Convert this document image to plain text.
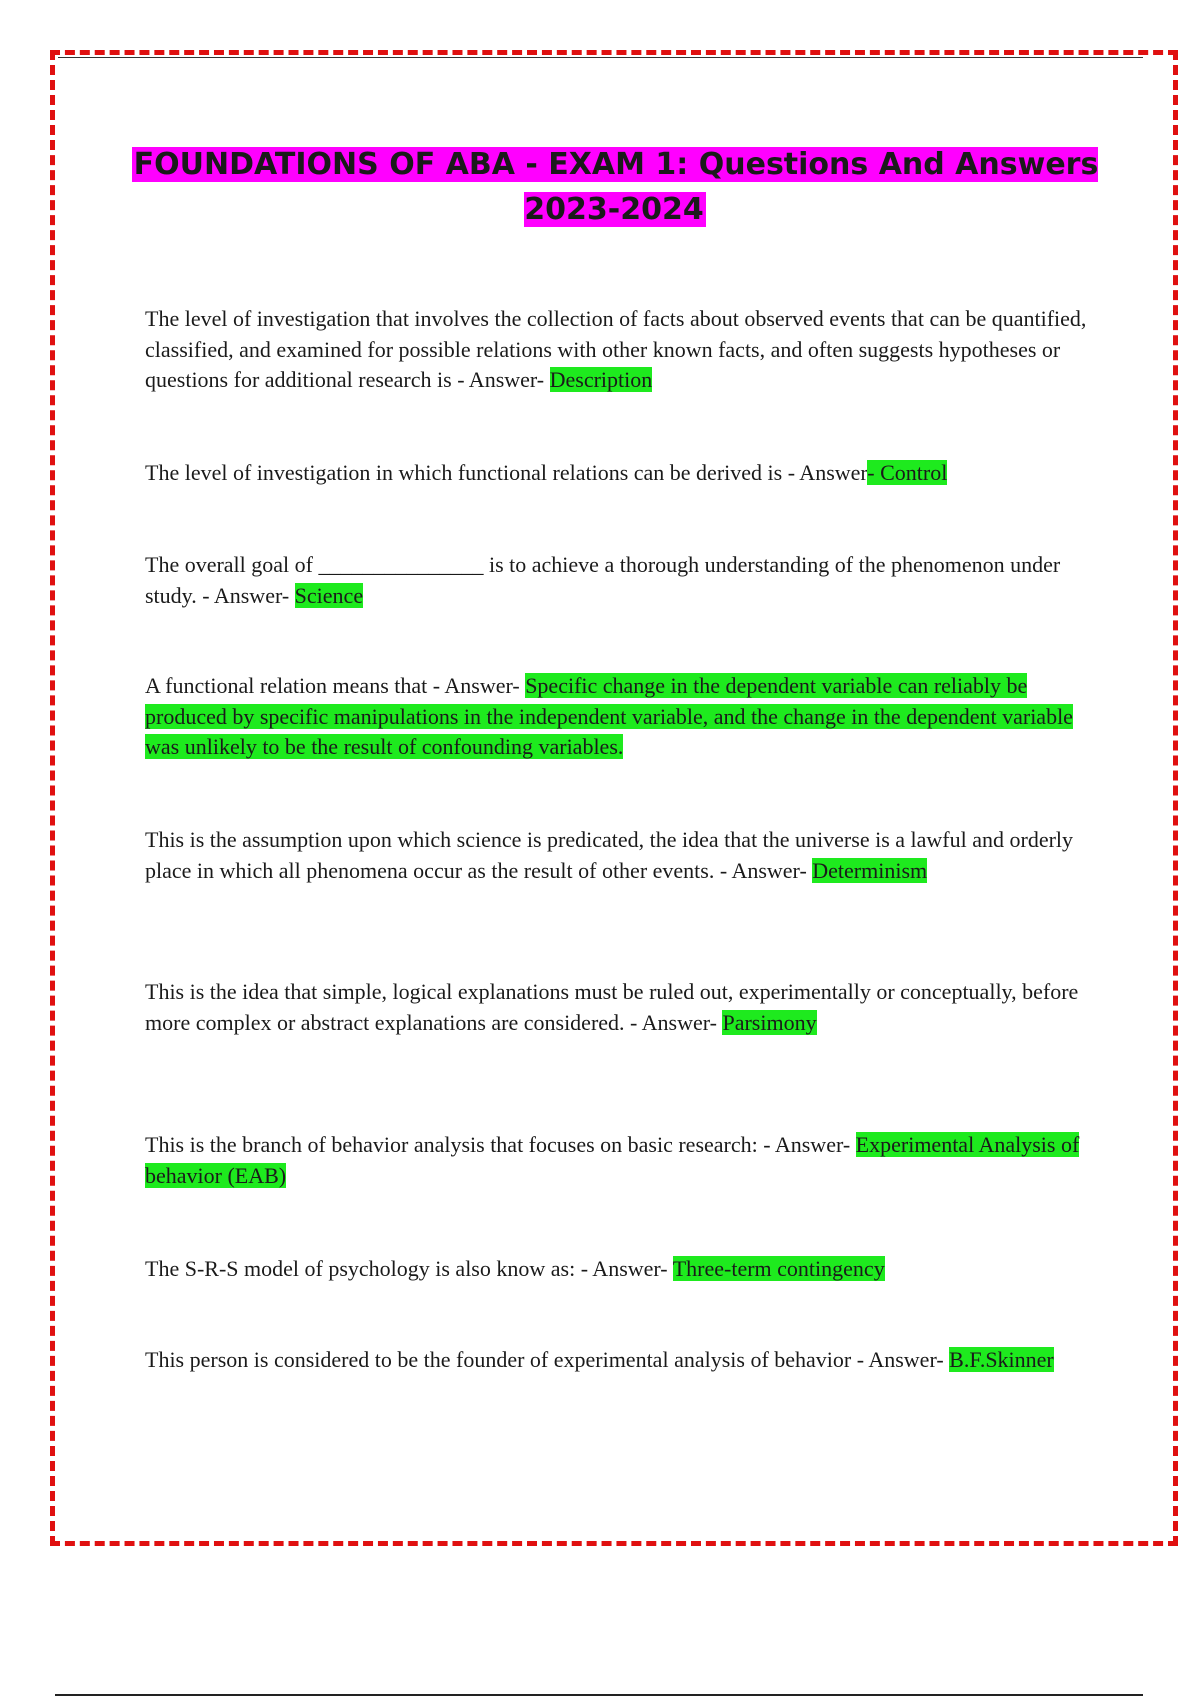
FOUNDATIONS OF ABA - EXAM 1: Questions And Answers 2023-2024
The level of investigation that involves the collection of facts about observed events that can be quantified, classified, and examined for possible relations with other known facts, and often suggests hypotheses or questions for additional research is - Answer- Description
The level of investigation in which functional relations can be derived is - Answer- Control
The overall goal of _______________ is to achieve a thorough understanding of the phenomenon under study. - Answer- Science
A functional relation means that - Answer- Specific change in the dependent variable can reliably be produced by specific manipulations in the independent variable, and the change in the dependent variable was unlikely to be the result of confounding variables.
This is the assumption upon which science is predicated, the idea that the universe is a lawful and orderly place in which all phenomena occur as the result of other events. - Answer- Determinism
This is the idea that simple, logical explanations must be ruled out, experimentally or conceptually, before more complex or abstract explanations are considered. - Answer- Parsimony
This is the branch of behavior analysis that focuses on basic research: - Answer- Experimental Analysis of behavior (EAB)
The S-R-S model of psychology is also know as: - Answer- Three-term contingency
This person is considered to be the founder of experimental analysis of behavior - Answer- B.F.Skinner
